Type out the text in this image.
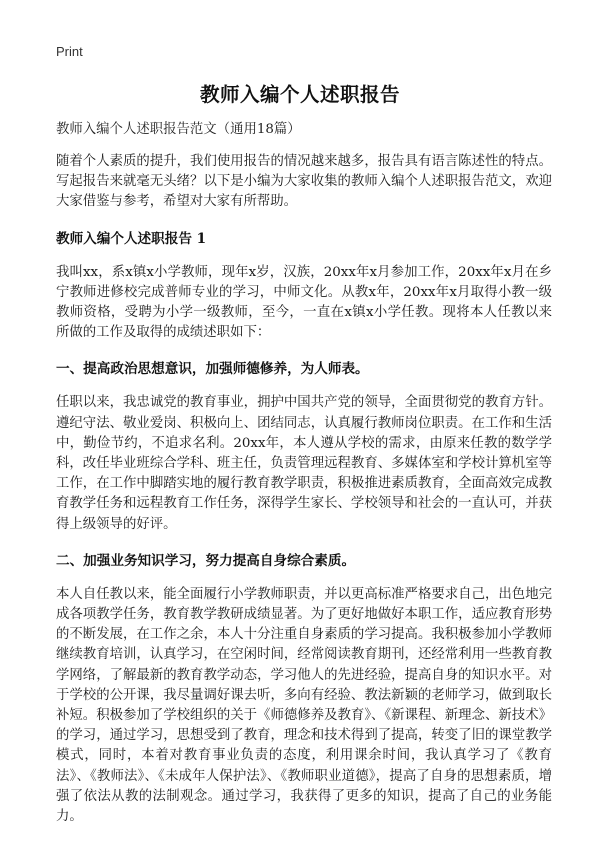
Print
教师入编个人述职报告

教师入编个人述职报告范文（通用18篇）

随着个人素质的提升，我们使用报告的情况越来越多，报告具有语言陈述性的特点。写起报告来就毫无头绪？以下是小编为大家收集的教师入编个人述职报告范文，欢迎大家借鉴与参考，希望对大家有所帮助。

教师入编个人述职报告 1

我叫xx，系x镇x小学教师，现年x岁，汉族，20xx年x月参加工作，20xx年x月在乡宁教师进修校完成普师专业的学习，中师文化。从教x年，20xx年x月取得小教一级教师资格，受聘为小学一级教师，至今，一直在x镇x小学任教。现将本人任教以来所做的工作及取得的成绩述职如下：

一、提高政治思想意识，加强师德修养，为人师表。

任职以来，我忠诚党的教育事业，拥护中国共产党的领导，全面贯彻党的教育方针。遵纪守法、敬业爱岗、积极向上、团结同志，认真履行教师岗位职责。在工作和生活中，勤俭节约，不追求名利。20xx年，本人遵从学校的需求，由原来任教的数学学科，改任毕业班综合学科、班主任，负责管理远程教育、多媒体室和学校计算机室等工作，在工作中脚踏实地的履行教育教学职责，积极推进素质教育，全面高效完成教育教学任务和远程教育工作任务，深得学生家长、学校领导和社会的一直认可，并获得上级领导的好评。

二、加强业务知识学习，努力提高自身综合素质。

本人自任教以来，能全面履行小学教师职责，并以更高标准严格要求自己，出色地完成各项教学任务，教育教学教研成绩显著。为了更好地做好本职工作，适应教育形势的不断发展，在工作之余，本人十分注重自身素质的学习提高。我积极参加小学教师继续教育培训，认真学习，在空闲时间，经常阅读教育期刊，还经常利用一些教育教学网络，了解最新的教育教学动态，学习他人的先进经验，提高自身的知识水平。对于学校的公开课，我尽量调好课去听，多向有经验、教法新颖的老师学习，做到取长补短。积极参加了学校组织的关于《师德修养及教育》、《新课程、新理念、新技术》的学习，通过学习，思想受到了教育，理念和技术得到了提高，转变了旧的课堂教学模式，同时，本着对教育事业负责的态度，利用课余时间，我认真学习了《教育法》、《教师法》、《未成年人保护法》、《教师职业道德》，提高了自身的思想素质，增强了依法从教的法制观念。通过学习，我获得了更多的知识，提高了自己的业务能力。
